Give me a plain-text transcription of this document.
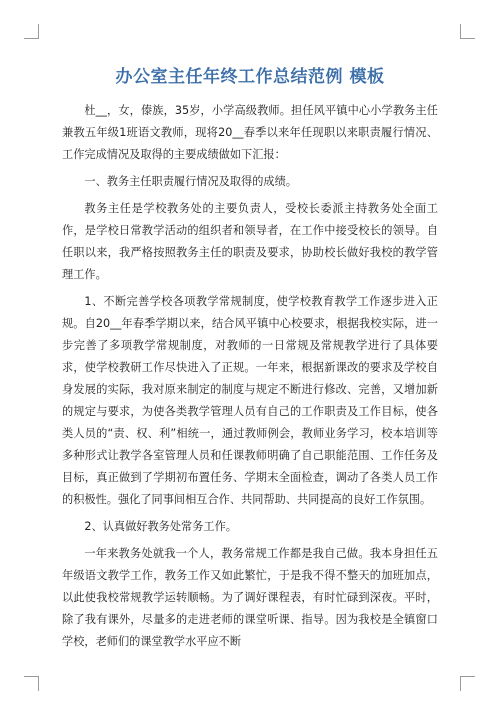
办公室主任年终工作总结范例 模板

杜__，女，傣族，35岁，小学高级教师。担任风平镇中心小学教务主任兼教五年级1班语文教师，现将20__春季以来年任现职以来职责履行情况、工作完成情况及取得的主要成绩做如下汇报：

一、教务主任职责履行情况及取得的成绩。

教务主任是学校教务处的主要负责人，受校长委派主持教务处全面工作，是学校日常教学活动的组织者和领导者，在工作中接受校长的领导。自任职以来，我严格按照教务主任的职责及要求，协助校长做好我校的教学管理工作。

1、不断完善学校各项教学常规制度，使学校教育教学工作逐步进入正规。自20__年春季学期以来，结合风平镇中心校要求，根据我校实际，进一步完善了多项教学常规制度，对教师的一日常规及常规教学进行了具体要求，使学校教研工作尽快进入了正规。一年来，根据新课改的要求及学校自身发展的实际，我对原来制定的制度与规定不断进行修改、完善，又增加新的规定与要求，为使各类教学管理人员有自己的工作职责及工作目标，使各类人员的“责、权、利”相统一，通过教师例会，教师业务学习，校本培训等多种形式让教学各室管理人员和任课教师明确了自己职能范围、工作任务及目标，真正做到了学期初布置任务、学期末全面检查，调动了各类人员工作的积极性。强化了同事间相互合作、共同帮助、共同提高的良好工作氛围。

2、认真做好教务处常务工作。

一年来教务处就我一个人，教务常规工作都是我自己做。我本身担任五年级语文教学工作，教务工作又如此繁忙，于是我不得不整天的加班加点，以此使我校常规教学运转顺畅。为了调好课程表，有时忙碌到深夜。平时，除了我有课外，尽量多的走进老师的课堂听课、指导。因为我校是全镇窗口学校，老师们的课堂教学水平应不断
